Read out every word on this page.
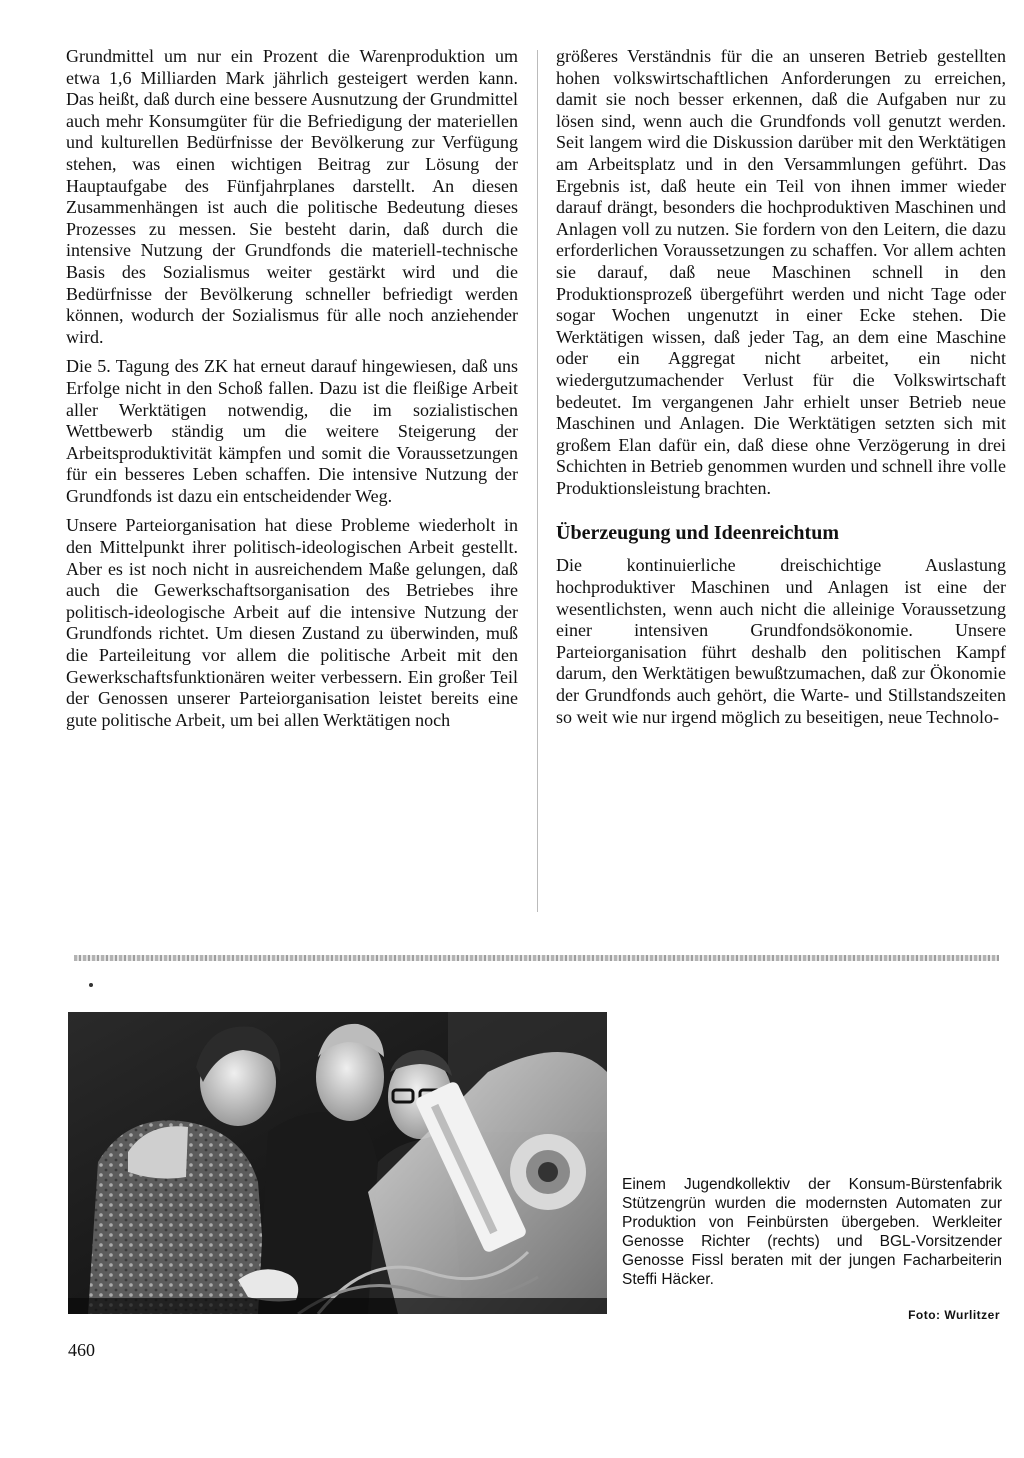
Grundmittel um nur ein Prozent die Warenproduktion um etwa 1,6 Milliarden Mark jährlich gesteigert werden kann. Das heißt, daß durch eine bessere Ausnutzung der Grundmittel auch mehr Konsumgüter für die Befriedigung der materiellen und kulturellen Bedürfnisse der Bevölkerung zur Verfügung stehen, was einen wichtigen Beitrag zur Lösung der Hauptaufgabe des Fünfjahrplanes darstellt. An diesen Zusammenhängen ist auch die politische Bedeutung dieses Prozesses zu messen. Sie besteht darin, daß durch die intensive Nutzung der Grundfonds die materiell-technische Basis des Sozialismus weiter gestärkt wird und die Bedürfnisse der Bevölkerung schneller befriedigt werden können, wodurch der Sozialismus für alle noch anziehender wird.

Die 5. Tagung des ZK hat erneut darauf hingewiesen, daß uns Erfolge nicht in den Schoß fallen. Dazu ist die fleißige Arbeit aller Werktätigen notwendig, die im sozialistischen Wettbewerb ständig um die weitere Steigerung der Arbeitsproduktivität kämpfen und somit die Voraussetzungen für ein besseres Leben schaffen. Die intensive Nutzung der Grundfonds ist dazu ein entscheidender Weg.

Unsere Parteiorganisation hat diese Probleme wiederholt in den Mittelpunkt ihrer politisch-ideologischen Arbeit gestellt. Aber es ist noch nicht in ausreichendem Maße gelungen, daß auch die Gewerkschaftsorganisation des Betriebes ihre politisch-ideologische Arbeit auf die intensive Nutzung der Grundfonds richtet. Um diesen Zustand zu überwinden, muß die Parteileitung vor allem die politische Arbeit mit den Gewerkschaftsfunktionären weiter verbessern. Ein großer Teil der Genossen unserer Parteiorganisation leistet bereits eine gute politische Arbeit, um bei allen Werktätigen noch

größeres Verständnis für die an unseren Betrieb gestellten hohen volkswirtschaftlichen Anforderungen zu erreichen, damit sie noch besser erkennen, daß die Aufgaben nur zu lösen sind, wenn auch die Grundfonds voll genutzt werden. Seit langem wird die Diskussion darüber mit den Werktätigen am Arbeitsplatz und in den Versammlungen geführt. Das Ergebnis ist, daß heute ein Teil von ihnen immer wieder darauf drängt, besonders die hochproduktiven Maschinen und Anlagen voll zu nutzen. Sie fordern von den Leitern, die dazu erforderlichen Voraussetzungen zu schaffen. Vor allem achten sie darauf, daß neue Maschinen schnell in den Produktionsprozeß übergeführt werden und nicht Tage oder sogar Wochen ungenutzt in einer Ecke stehen. Die Werktätigen wissen, daß jeder Tag, an dem eine Maschine oder ein Aggregat nicht arbeitet, ein nicht wiedergutzumachender Verlust für die Volkswirtschaft bedeutet. Im vergangenen Jahr erhielt unser Betrieb neue Maschinen und Anlagen. Die Werktätigen setzten sich mit großem Elan dafür ein, daß diese ohne Verzögerung in drei Schichten in Betrieb genommen wurden und schnell ihre volle Produktionsleistung brachten.

Überzeugung und Ideenreichtum

Die kontinuierliche dreischichtige Auslastung hochproduktiver Maschinen und Anlagen ist eine der wesentlichsten, wenn auch nicht die alleinige Voraussetzung einer intensiven Grundfondsökonomie. Unsere Parteiorganisation führt deshalb den politischen Kampf darum, den Werktätigen bewußtzumachen, daß zur Ökonomie der Grundfonds auch gehört, die Warte- und Stillstandszeiten so weit wie nur irgend möglich zu beseitigen, neue Technolo-

Einem Jugendkollektiv der Konsum-Bürstenfabrik Stützengrün wurden die modernsten Automaten zur Produktion von Feinbürsten übergeben. Werkleiter Genosse Richter (rechts) und BGL-Vorsitzender Genosse Fissl beraten mit der jungen Facharbeiterin Steffi Häcker.

Foto: Wurlitzer
460
